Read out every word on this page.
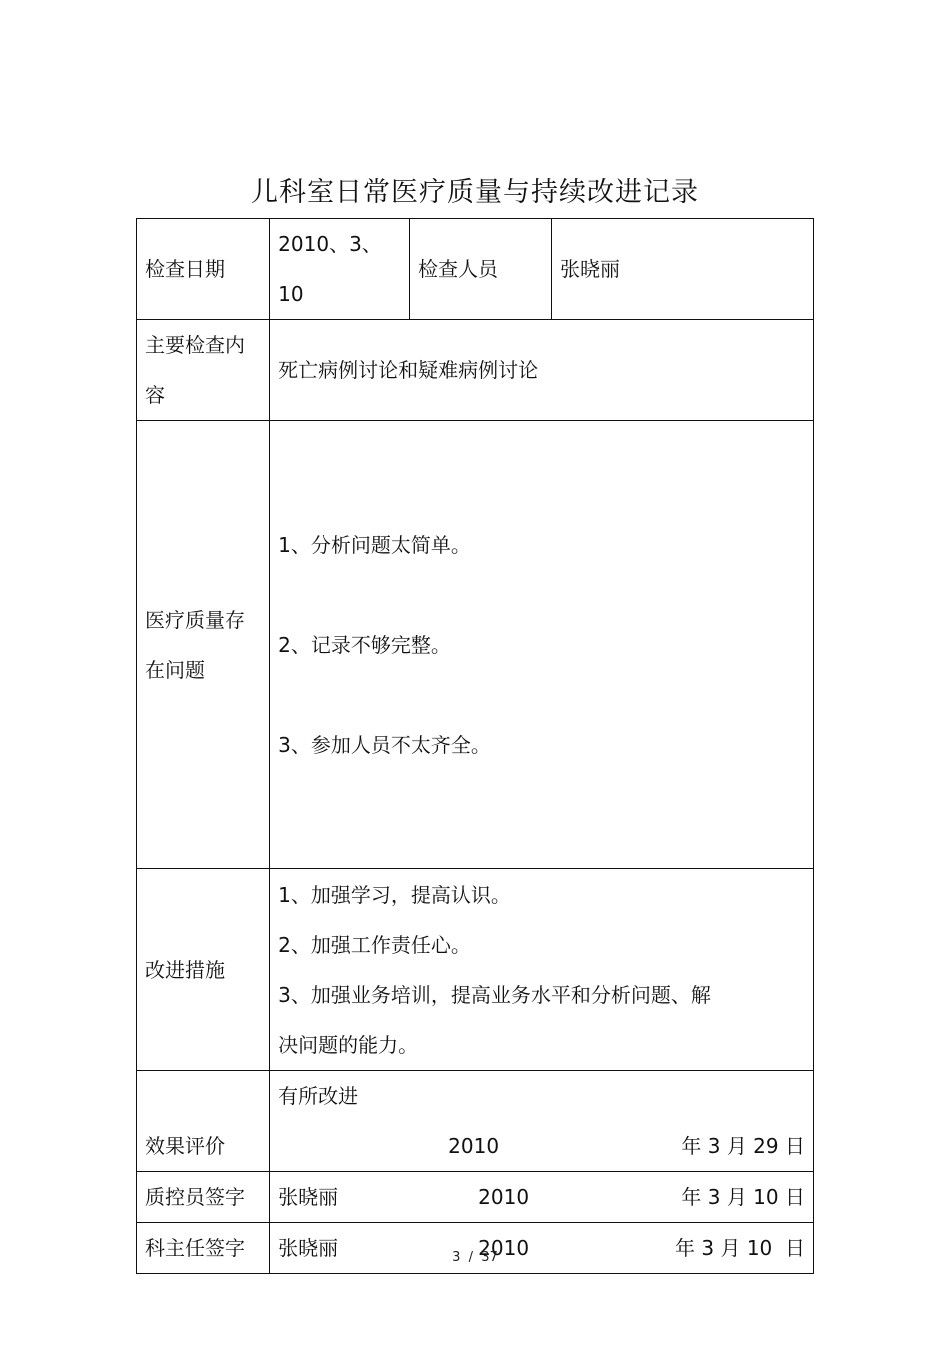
儿科室日常医疗质量与持续改进记录
检查日期	2010、3、10	检查人员	张晓丽
主要检查内容	死亡病例讨论和疑难病例讨论		
医疗质量存在问题	1、分析问题太简单。

2、记录不够完整。

3、参加人员不太齐全。		

改进措施	1、加强学习，提高认识。
2、加强工作责任心。
3、加强业务培训，提高业务水平和分析问题、解
决问题的能力。		

效果评价	有所改进
2010 年 3 月 29 日		

质控员签字	张晓丽 2010 年 3 月 10 日		

科主任签字	张晓丽 2010 年 3 月 10  日		
3  /  37
